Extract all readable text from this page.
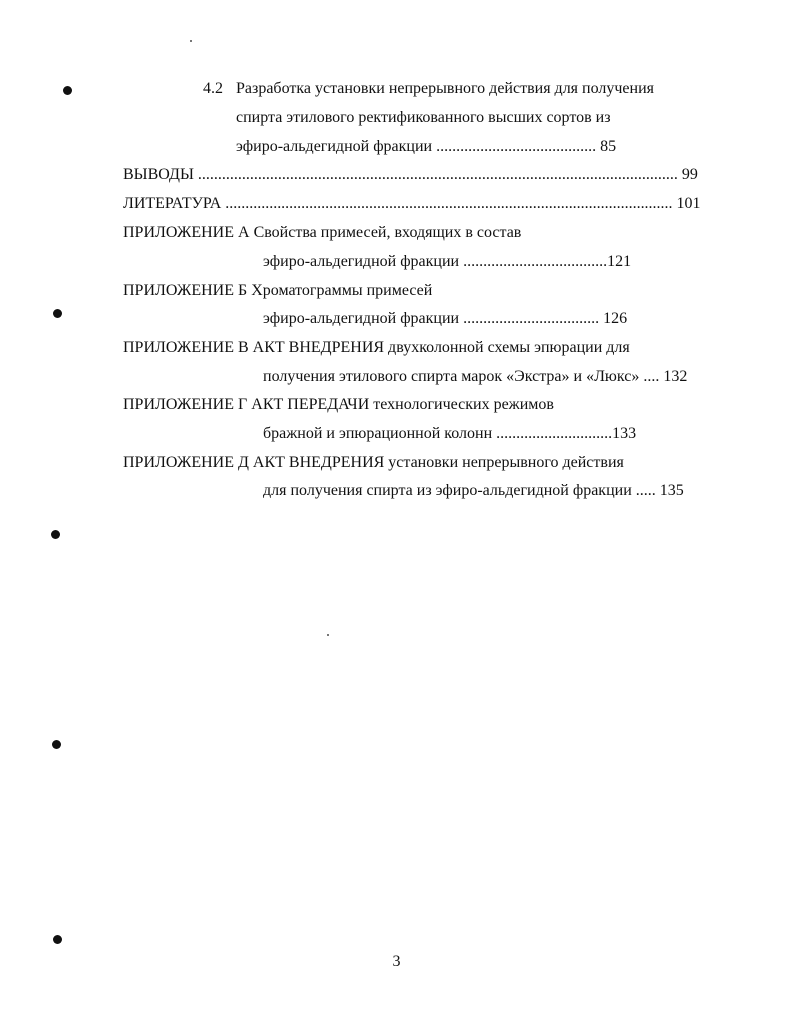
4.2 Разработка установки непрерывного действия для получения
спирта этилового ректификованного высших сортов из
эфиро-альдегидной фракции ........................................ 85
ВЫВОДЫ ........................................................................................................................ 99
ЛИТЕРАТУРА ................................................................................................................ 101
ПРИЛОЖЕНИЕ А Свойства примесей, входящих в состав
эфиро-альдегидной фракции ....................................121
ПРИЛОЖЕНИЕ Б Хроматограммы примесей
эфиро-альдегидной фракции .................................. 126
ПРИЛОЖЕНИЕ В АКТ ВНЕДРЕНИЯ двухколонной схемы эпюрации для
получения этилового спирта марок «Экстра» и «Люкс» .... 132
ПРИЛОЖЕНИЕ Г АКТ ПЕРЕДАЧИ технологических режимов
бражной и эпюрационной колонн .............................133
ПРИЛОЖЕНИЕ Д АКТ ВНЕДРЕНИЯ установки непрерывного действия
для получения спирта из эфиро-альдегидной фракции ..... 135
3
